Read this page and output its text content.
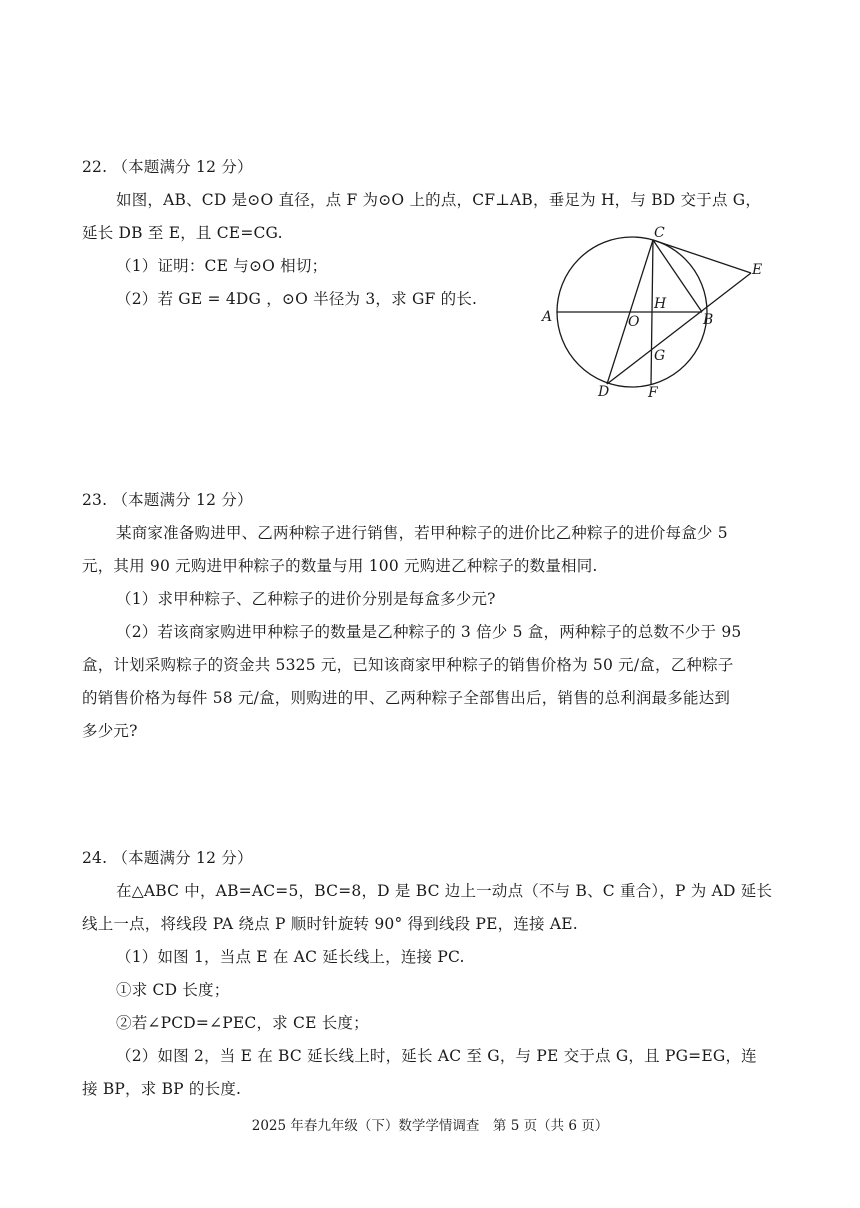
22. （本题满分 12 分）
如图，AB、CD 是⊙O 直径，点 F 为⊙O 上的点，CF⊥AB，垂足为 H，与 BD 交于点 G，
延长 DB 至 E，且 CE=CG.
（1）证明：CE 与⊙O 相切；
（2）若 GE = 4DG ，⊙O 半径为 3，求 GF 的长.
C
E
A	O
H
B
G
D	F
23. （本题满分 12 分）
某商家准备购进甲、乙两种粽子进行销售，若甲种粽子的进价比乙种粽子的进价每盒少 5
元，其用 90 元购进甲种粽子的数量与用 100 元购进乙种粽子的数量相同.
（1）求甲种粽子、乙种粽子的进价分别是每盒多少元?
（2）若该商家购进甲种粽子的数量是乙种粽子的 3 倍少 5 盒，两种粽子的总数不少于 95
盒，计划采购粽子的资金共 5325 元，已知该商家甲种粽子的销售价格为 50 元/盒，乙种粽子
的销售价格为每件 58 元/盒，则购进的甲、乙两种粽子全部售出后，销售的总利润最多能达到
多少元?
24. （本题满分 12 分）
在△ABC 中，AB=AC=5，BC=8，D 是 BC 边上一动点（不与 B、C 重合），P 为 AD 延长
线上一点，将线段 PA 绕点 P 顺时针旋转 90° 得到线段 PE，连接 AE.
（1）如图 1，当点 E 在 AC 延长线上，连接 PC.
①求 CD 长度；
②若∠PCD=∠PEC，求 CE 长度；
（2）如图 2，当 E 在 BC 延长线上时，延长 AC 至 G，与 PE 交于点 G，且 PG=EG，连
接 BP，求 BP 的长度.
2025 年春九年级（下）数学学情调查　第 5 页（共 6 页）
